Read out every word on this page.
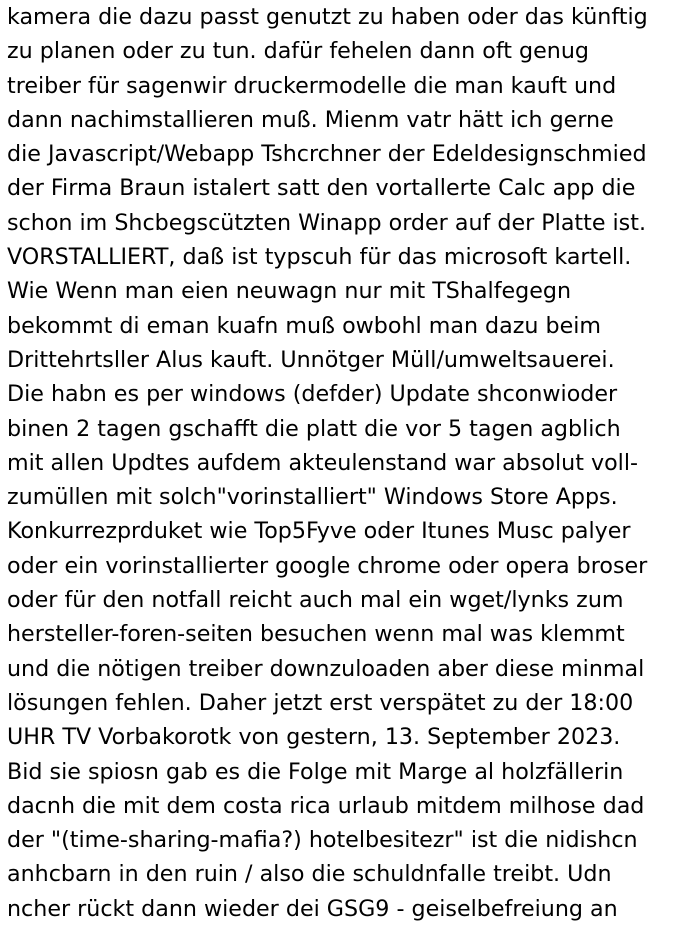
kamera die dazu passt genutzt zu haben oder das künftig
zu planen oder zu tun. dafür fehelen dann oft genug
treiber für sagenwir druckermodelle die man kauft und
dann nachimstallieren muß. Mienm vatr hätt ich gerne
die Javascript/Webapp Tshcrchner der Edeldesignschmied
der Firma Braun istalert satt den vortallerte Calc app die
schon im Shcbegscützten Winapp order auf der Platte ist.
VORSTALLIERT, daß ist typscuh für das microsoft kartell.
Wie Wenn man eien neuwagn nur mit TShalfegegn
bekommt di eman kuafn muß owbohl man dazu beim
Drittehrtsller Alus kauft. Unnötger Müll/umweltsauerei.
Die habn es per windows (defder) Update shconwioder
binen 2 tagen gschafft die platt die vor 5 tagen agblich
mit allen Updtes aufdem akteulenstand war absolut voll-
zumüllen mit solch"vorinstalliert" Windows Store Apps.
Konkurrezprduket wie Top5Fyve oder Itunes Musc palyer
oder ein vorinstallierter google chrome oder opera broser
oder für den notfall reicht auch mal ein wget/lynks zum
hersteller-foren-seiten besuchen wenn mal was klemmt
und die nötigen treiber downzuloaden aber diese minmal
lösungen fehlen. Daher jetzt erst verspätet zu der 18:00
UHR TV Vorbakorotk von gestern, 13. September 2023.
Bid sie spiosn gab es die Folge mit Marge al holzfällerin
dacnh die mit dem costa rica urlaub mitdem milhose dad
der "(time-sharing-mafia?) hotelbesitezr" ist die nidishcn
anhcbarn in den ruin / also die schuldnfalle treibt. Udn
ncher rückt dann wieder dei GSG9 - geiselbefreiung an
